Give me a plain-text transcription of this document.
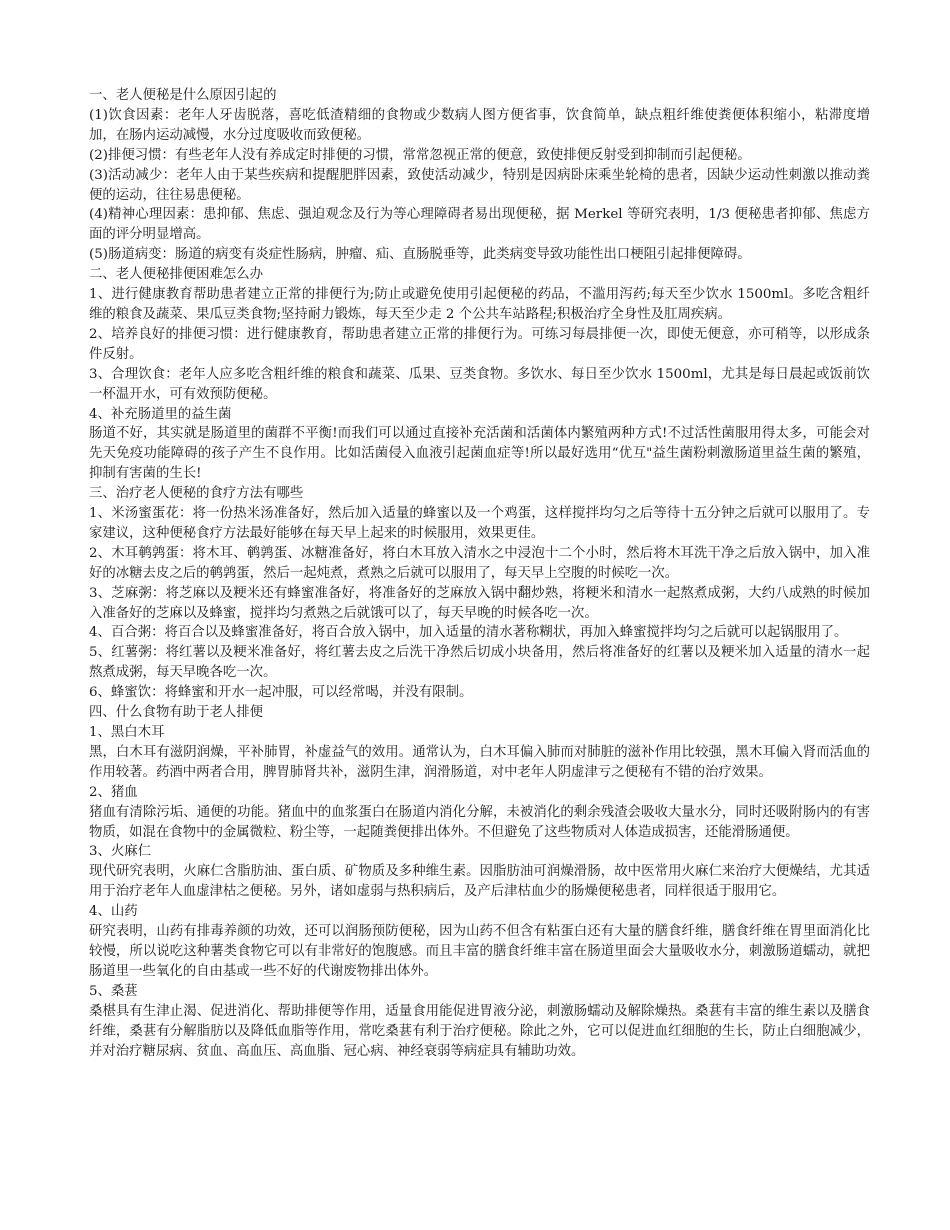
一、老人便秘是什么原因引起的

(1)饮食因素：老年人牙齿脱落，喜吃低渣精细的食物或少数病人图方便省事，饮食简单，缺点粗纤维使粪便体积缩小，粘滞度增加，在肠内运动减慢，水分过度吸收而致便秘。

(2)排便习惯：有些老年人没有养成定时排便的习惯，常常忽视正常的便意，致使排便反射受到抑制而引起便秘。

(3)活动减少：老年人由于某些疾病和提醒肥胖因素，致使活动减少，特别是因病卧床乘坐轮椅的患者，因缺少运动性刺激以推动粪便的运动，往往易患便秘。

(4)精神心理因素：患抑郁、焦虑、强迫观念及行为等心理障碍者易出现便秘，据 Merkel 等研究表明，1/3 便秘患者抑郁、焦虑方面的评分明显增高。

(5)肠道病变：肠道的病变有炎症性肠病，肿瘤、疝、直肠脱垂等，此类病变导致功能性出口梗阻引起排便障碍。

二、老人便秘排便困难怎么办

1、进行健康教育帮助患者建立正常的排便行为;防止或避免使用引起便秘的药品，不滥用泻药;每天至少饮水 1500ml。多吃含粗纤维的粮食及蔬菜、果瓜豆类食物;坚持耐力锻炼，每天至少走 2 个公共车站路程;积极治疗全身性及肛周疾病。

2、培养良好的排便习惯：进行健康教育，帮助患者建立正常的排便行为。可练习每晨排便一次，即使无便意，亦可稍等，以形成条件反射。

3、合理饮食：老年人应多吃含粗纤维的粮食和蔬菜、瓜果、豆类食物。多饮水、每日至少饮水 1500ml，尤其是每日晨起或饭前饮一杯温开水，可有效预防便秘。

4、补充肠道里的益生菌

肠道不好，其实就是肠道里的菌群不平衡!而我们可以通过直接补充活菌和活菌体内繁殖两种方式!不过活性菌服用得太多，可能会对先天免疫功能障碍的孩子产生不良作用。比如活菌侵入血液引起菌血症等!所以最好选用“优互"益生菌粉刺激肠道里益生菌的繁殖，抑制有害菌的生长!

三、治疗老人便秘的食疗方法有哪些

1、米汤蜜蛋花：将一份热米汤准备好，然后加入适量的蜂蜜以及一个鸡蛋，这样搅拌均匀之后等待十五分钟之后就可以服用了。专家建议，这种便秘食疗方法最好能够在每天早上起来的时候服用，效果更佳。

2、木耳鹌鹑蛋：将木耳、鹌鹑蛋、冰糖准备好，将白木耳放入清水之中浸泡十二个小时，然后将木耳洗干净之后放入锅中，加入准好的冰糖去皮之后的鹌鹑蛋，然后一起炖煮，煮熟之后就可以服用了，每天早上空腹的时候吃一次。

3、芝麻粥：将芝麻以及粳米还有蜂蜜准备好，将准备好的芝麻放入锅中翻炒熟，将粳米和清水一起熬煮成粥，大约八成熟的时候加入准备好的芝麻以及蜂蜜，搅拌均匀煮熟之后就饿可以了，每天早晚的时候各吃一次。

4、百合粥：将百合以及蜂蜜准备好，将百合放入锅中，加入适量的清水著称糊状，再加入蜂蜜搅拌均匀之后就可以起锅服用了。

5、红薯粥：将红薯以及粳米准备好，将红薯去皮之后洗干净然后切成小块备用，然后将准备好的红薯以及粳米加入适量的清水一起熬煮成粥，每天早晚各吃一次。

6、蜂蜜饮：将蜂蜜和开水一起冲服，可以经常喝，并没有限制。

四、什么食物有助于老人排便

1、黑白木耳

黑，白木耳有滋阴润燥，平补肺胃，补虚益气的效用。通常认为，白木耳偏入肺而对肺脏的滋补作用比较强，黑木耳偏入肾而活血的作用较著。药酒中两者合用，脾胃肺肾共补，滋阴生津，润滑肠道，对中老年人阴虚津亏之便秘有不错的治疗效果。

2、猪血

猪血有清除污垢、通便的功能。猪血中的血浆蛋白在肠道内消化分解，未被消化的剩余残渣会吸收大量水分，同时还吸附肠内的有害物质，如混在食物中的金属微粒、粉尘等，一起随粪便排出体外。不但避免了这些物质对人体造成损害，还能滑肠通便。

3、火麻仁

现代研究表明，火麻仁含脂肪油、蛋白质、矿物质及多种维生素。因脂肪油可润燥滑肠，故中医常用火麻仁来治疗大便燥结，尤其适用于治疗老年人血虚津枯之便秘。另外，诸如虚弱与热积病后，及产后津枯血少的肠燥便秘患者，同样很适于服用它。

4、山药

研究表明，山药有排毒养颜的功效，还可以润肠预防便秘，因为山药不但含有粘蛋白还有大量的膳食纤维，膳食纤维在胃里面消化比较慢，所以说吃这种薯类食物它可以有非常好的饱腹感。而且丰富的膳食纤维丰富在肠道里面会大量吸收水分，刺激肠道蠕动，就把肠道里一些氧化的自由基或一些不好的代谢废物排出体外。

5、桑葚

桑椹具有生津止渴、促进消化、帮助排便等作用，适量食用能促进胃液分泌，刺激肠蠕动及解除燥热。桑葚有丰富的维生素以及膳食纤维，桑葚有分解脂肪以及降低血脂等作用，常吃桑葚有利于治疗便秘。除此之外，它可以促进血红细胞的生长，防止白细胞减少，并对治疗糖尿病、贫血、高血压、高血脂、冠心病、神经衰弱等病症具有辅助功效。
